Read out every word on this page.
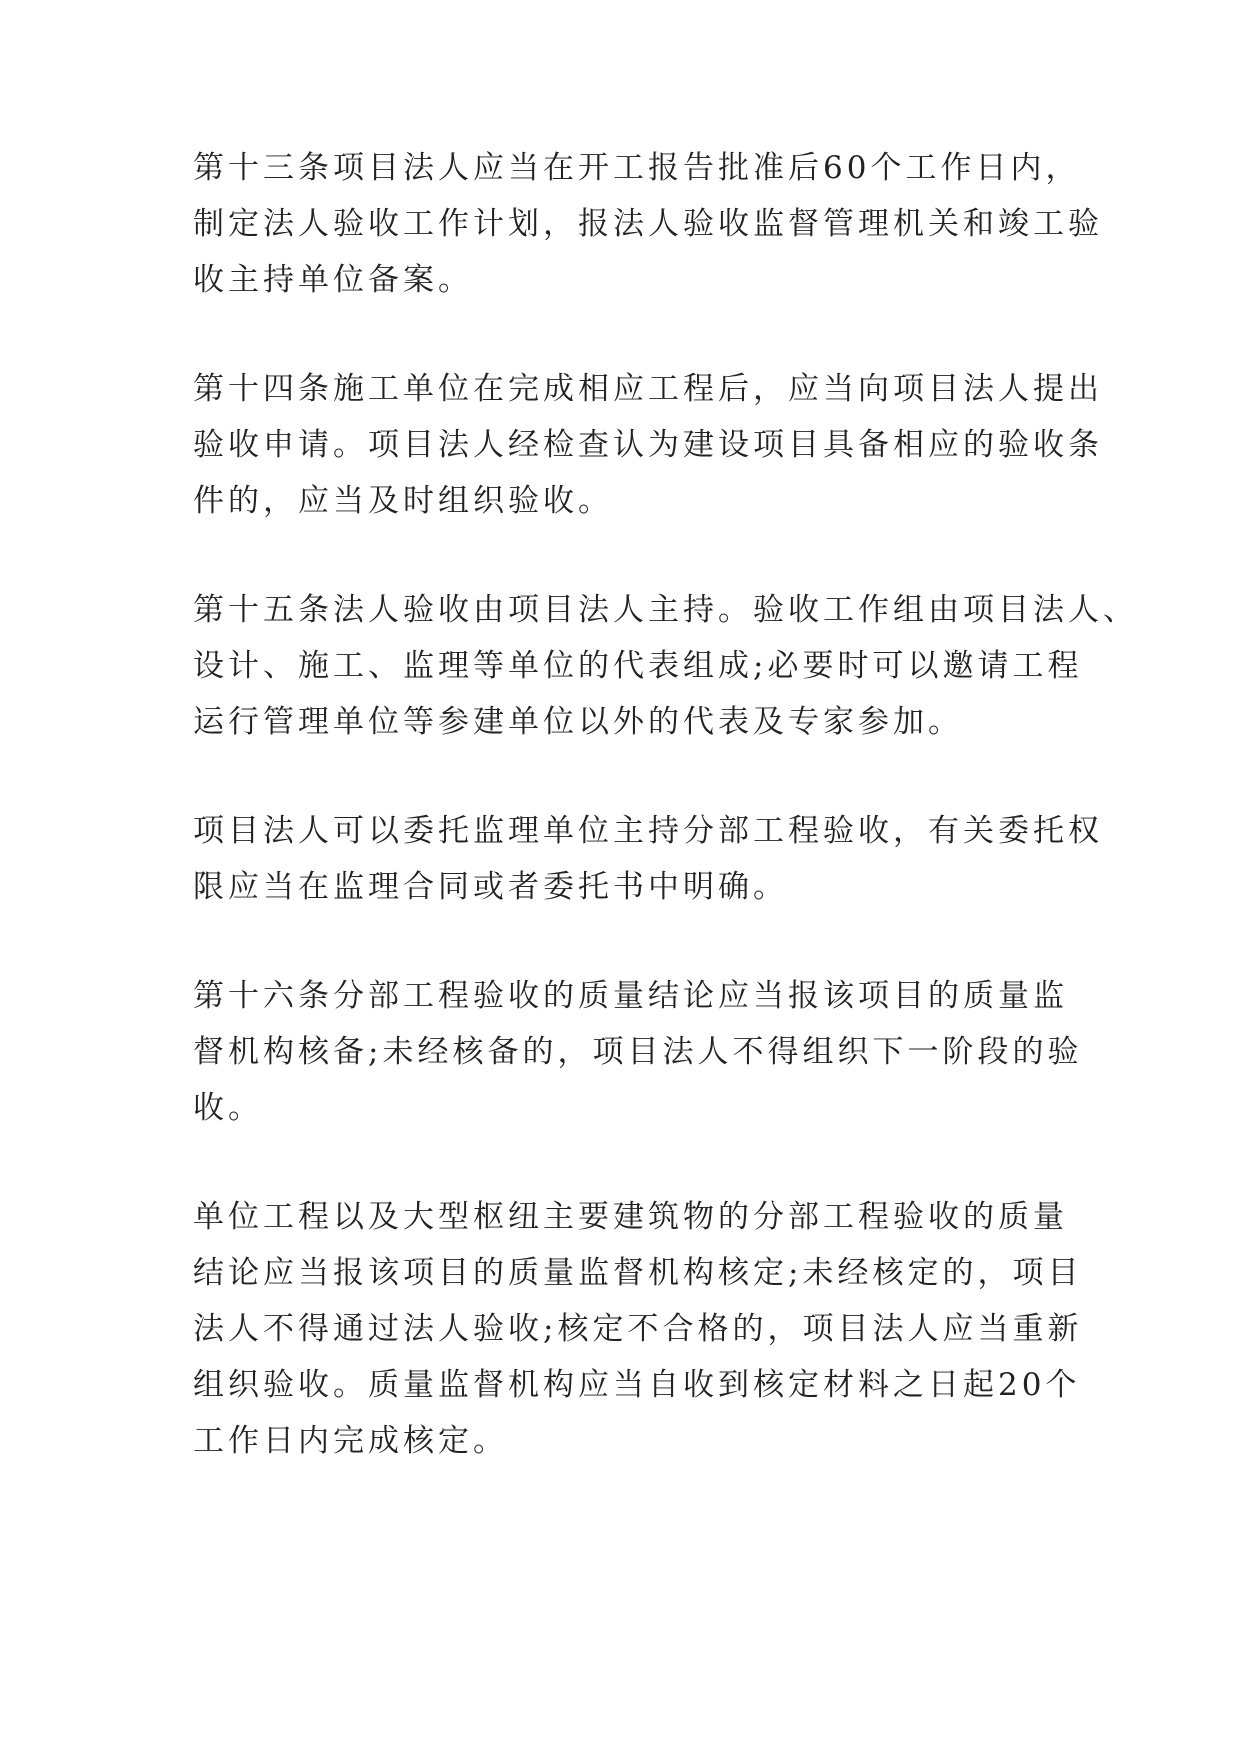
第十三条项目法人应当在开工报告批准后60个工作日内，
制定法人验收工作计划，报法人验收监督管理机关和竣工验
收主持单位备案。

第十四条施工单位在完成相应工程后，应当向项目法人提出
验收申请。项目法人经检查认为建设项目具备相应的验收条
件的，应当及时组织验收。

第十五条法人验收由项目法人主持。验收工作组由项目法人、
设计、施工、监理等单位的代表组成;必要时可以邀请工程
运行管理单位等参建单位以外的代表及专家参加。

项目法人可以委托监理单位主持分部工程验收，有关委托权
限应当在监理合同或者委托书中明确。

第十六条分部工程验收的质量结论应当报该项目的质量监
督机构核备;未经核备的，项目法人不得组织下一阶段的验
收。

单位工程以及大型枢纽主要建筑物的分部工程验收的质量
结论应当报该项目的质量监督机构核定;未经核定的，项目
法人不得通过法人验收;核定不合格的，项目法人应当重新
组织验收。质量监督机构应当自收到核定材料之日起20个
工作日内完成核定。
